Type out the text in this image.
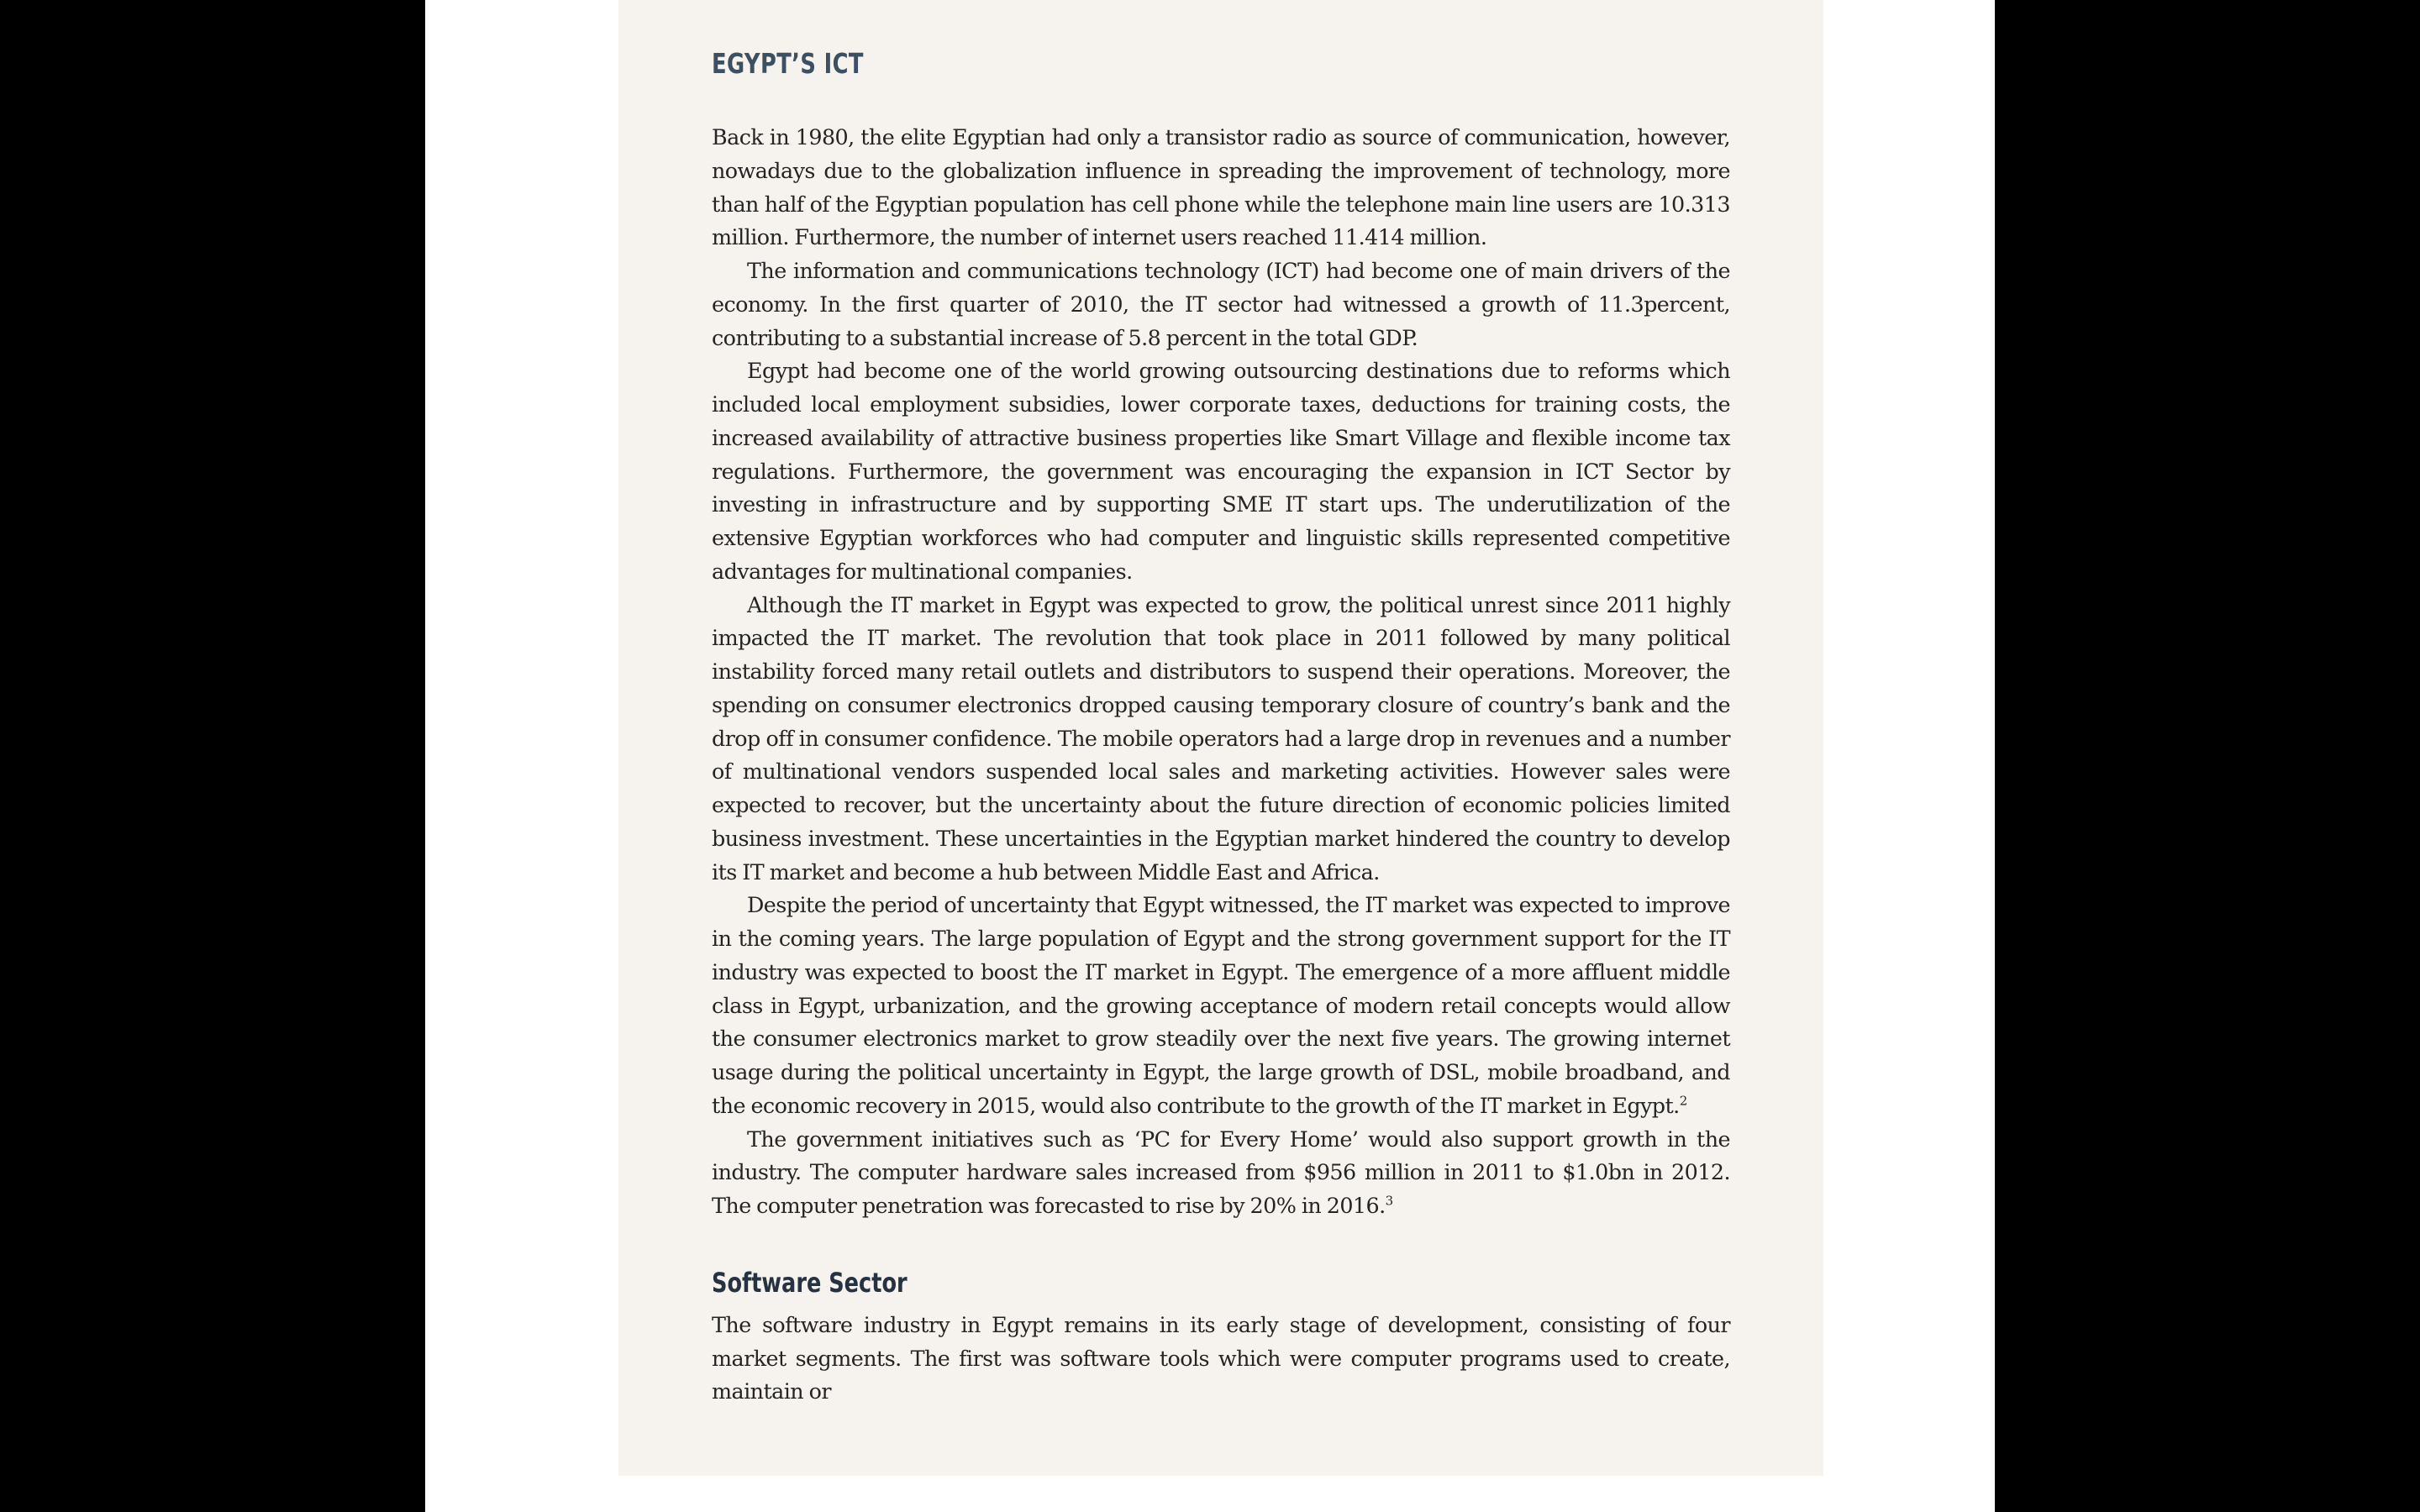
EGYPT’S ICT

Back in 1980, the elite Egyptian had only a transistor radio as source of communication, however, nowadays due to the globalization influence in spreading the improvement of technology, more than half of the Egyptian population has cell phone while the telephone main line users are 10.313 million. Furthermore, the number of internet users reached 11.414 million.

The information and communications technology (ICT) had become one of main drivers of the economy. In the first quarter of 2010, the IT sector had witnessed a growth of 11.3percent, contributing to a substantial increase of 5.8 percent in the total GDP.

Egypt had become one of the world growing outsourcing destinations due to reforms which included local employment subsidies, lower corporate taxes, deductions for training costs, the increased availability of attractive business properties like Smart Village and flexible income tax regulations. Furthermore, the government was encouraging the expansion in ICT Sector by investing in infrastructure and by supporting SME IT start ups. The underutilization of the extensive Egyptian workforces who had computer and linguistic skills represented competitive advantages for multinational companies.

Although the IT market in Egypt was expected to grow, the political unrest since 2011 highly impacted the IT market. The revolution that took place in 2011 followed by many political instability forced many retail outlets and distributors to suspend their operations. Moreover, the spending on consumer electronics dropped causing temporary closure of country’s bank and the drop off in consumer confidence. The mobile operators had a large drop in revenues and a number of multinational vendors suspended local sales and marketing activities. However sales were expected to recover, but the uncertainty about the future direction of economic policies limited business investment. These uncertainties in the Egyptian market hindered the country to develop its IT market and become a hub between Middle East and Africa.

Despite the period of uncertainty that Egypt witnessed, the IT market was expected to improve in the coming years. The large population of Egypt and the strong government support for the IT industry was expected to boost the IT market in Egypt. The emergence of a more affluent middle class in Egypt, urbanization, and the growing acceptance of modern retail concepts would allow the consumer electronics market to grow steadily over the next five years. The growing internet usage during the political uncertainty in Egypt, the large growth of DSL, mobile broadband, and the economic recovery in 2015, would also contribute to the growth of the IT market in Egypt.$^2$

The government initiatives such as ‘PC for Every Home’ would also support growth in the industry. The computer hardware sales increased from $956 million in 2011 to $1.0bn in 2012. The computer penetration was forecasted to rise by 20% in 2016.$^3$

Software Sector

The software industry in Egypt remains in its early stage of development, consisting of four market segments. The first was software tools which were computer programs used to create, maintain or
